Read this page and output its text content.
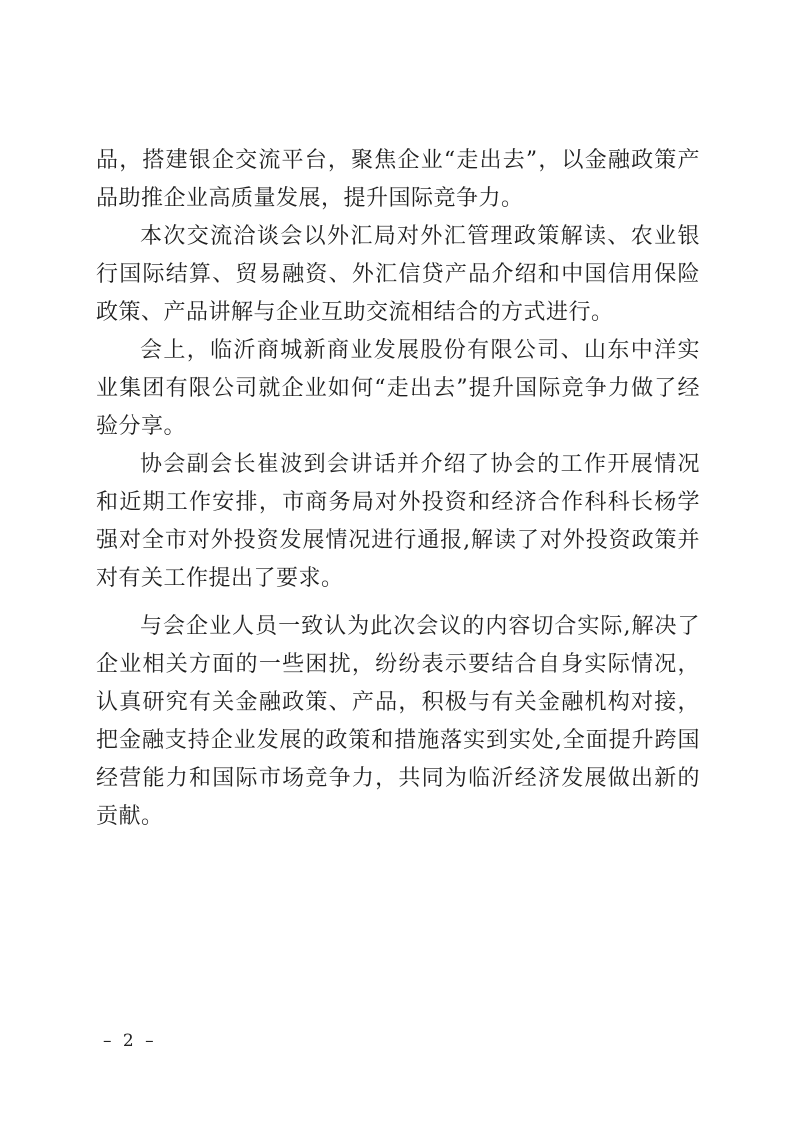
品，搭建银企交流平台，聚焦企业“走出去”，以金融政策产品助推企业高质量发展，提升国际竞争力。

本次交流洽谈会以外汇局对外汇管理政策解读、农业银行国际结算、贸易融资、外汇信贷产品介绍和中国信用保险政策、产品讲解与企业互助交流相结合的方式进行。

会上，临沂商城新商业发展股份有限公司、山东中洋实业集团有限公司就企业如何“走出去”提升国际竞争力做了经验分享。

协会副会长崔波到会讲话并介绍了协会的工作开展情况和近期工作安排，市商务局对外投资和经济合作科科长杨学强对全市对外投资发展情况进行通报,解读了对外投资政策并对有关工作提出了要求。

与会企业人员一致认为此次会议的内容切合实际,解决了企业相关方面的一些困扰，纷纷表示要结合自身实际情况，认真研究有关金融政策、产品，积极与有关金融机构对接，把金融支持企业发展的政策和措施落实到实处,全面提升跨国经营能力和国际市场竞争力，共同为临沂经济发展做出新的贡献。

– 2 –
